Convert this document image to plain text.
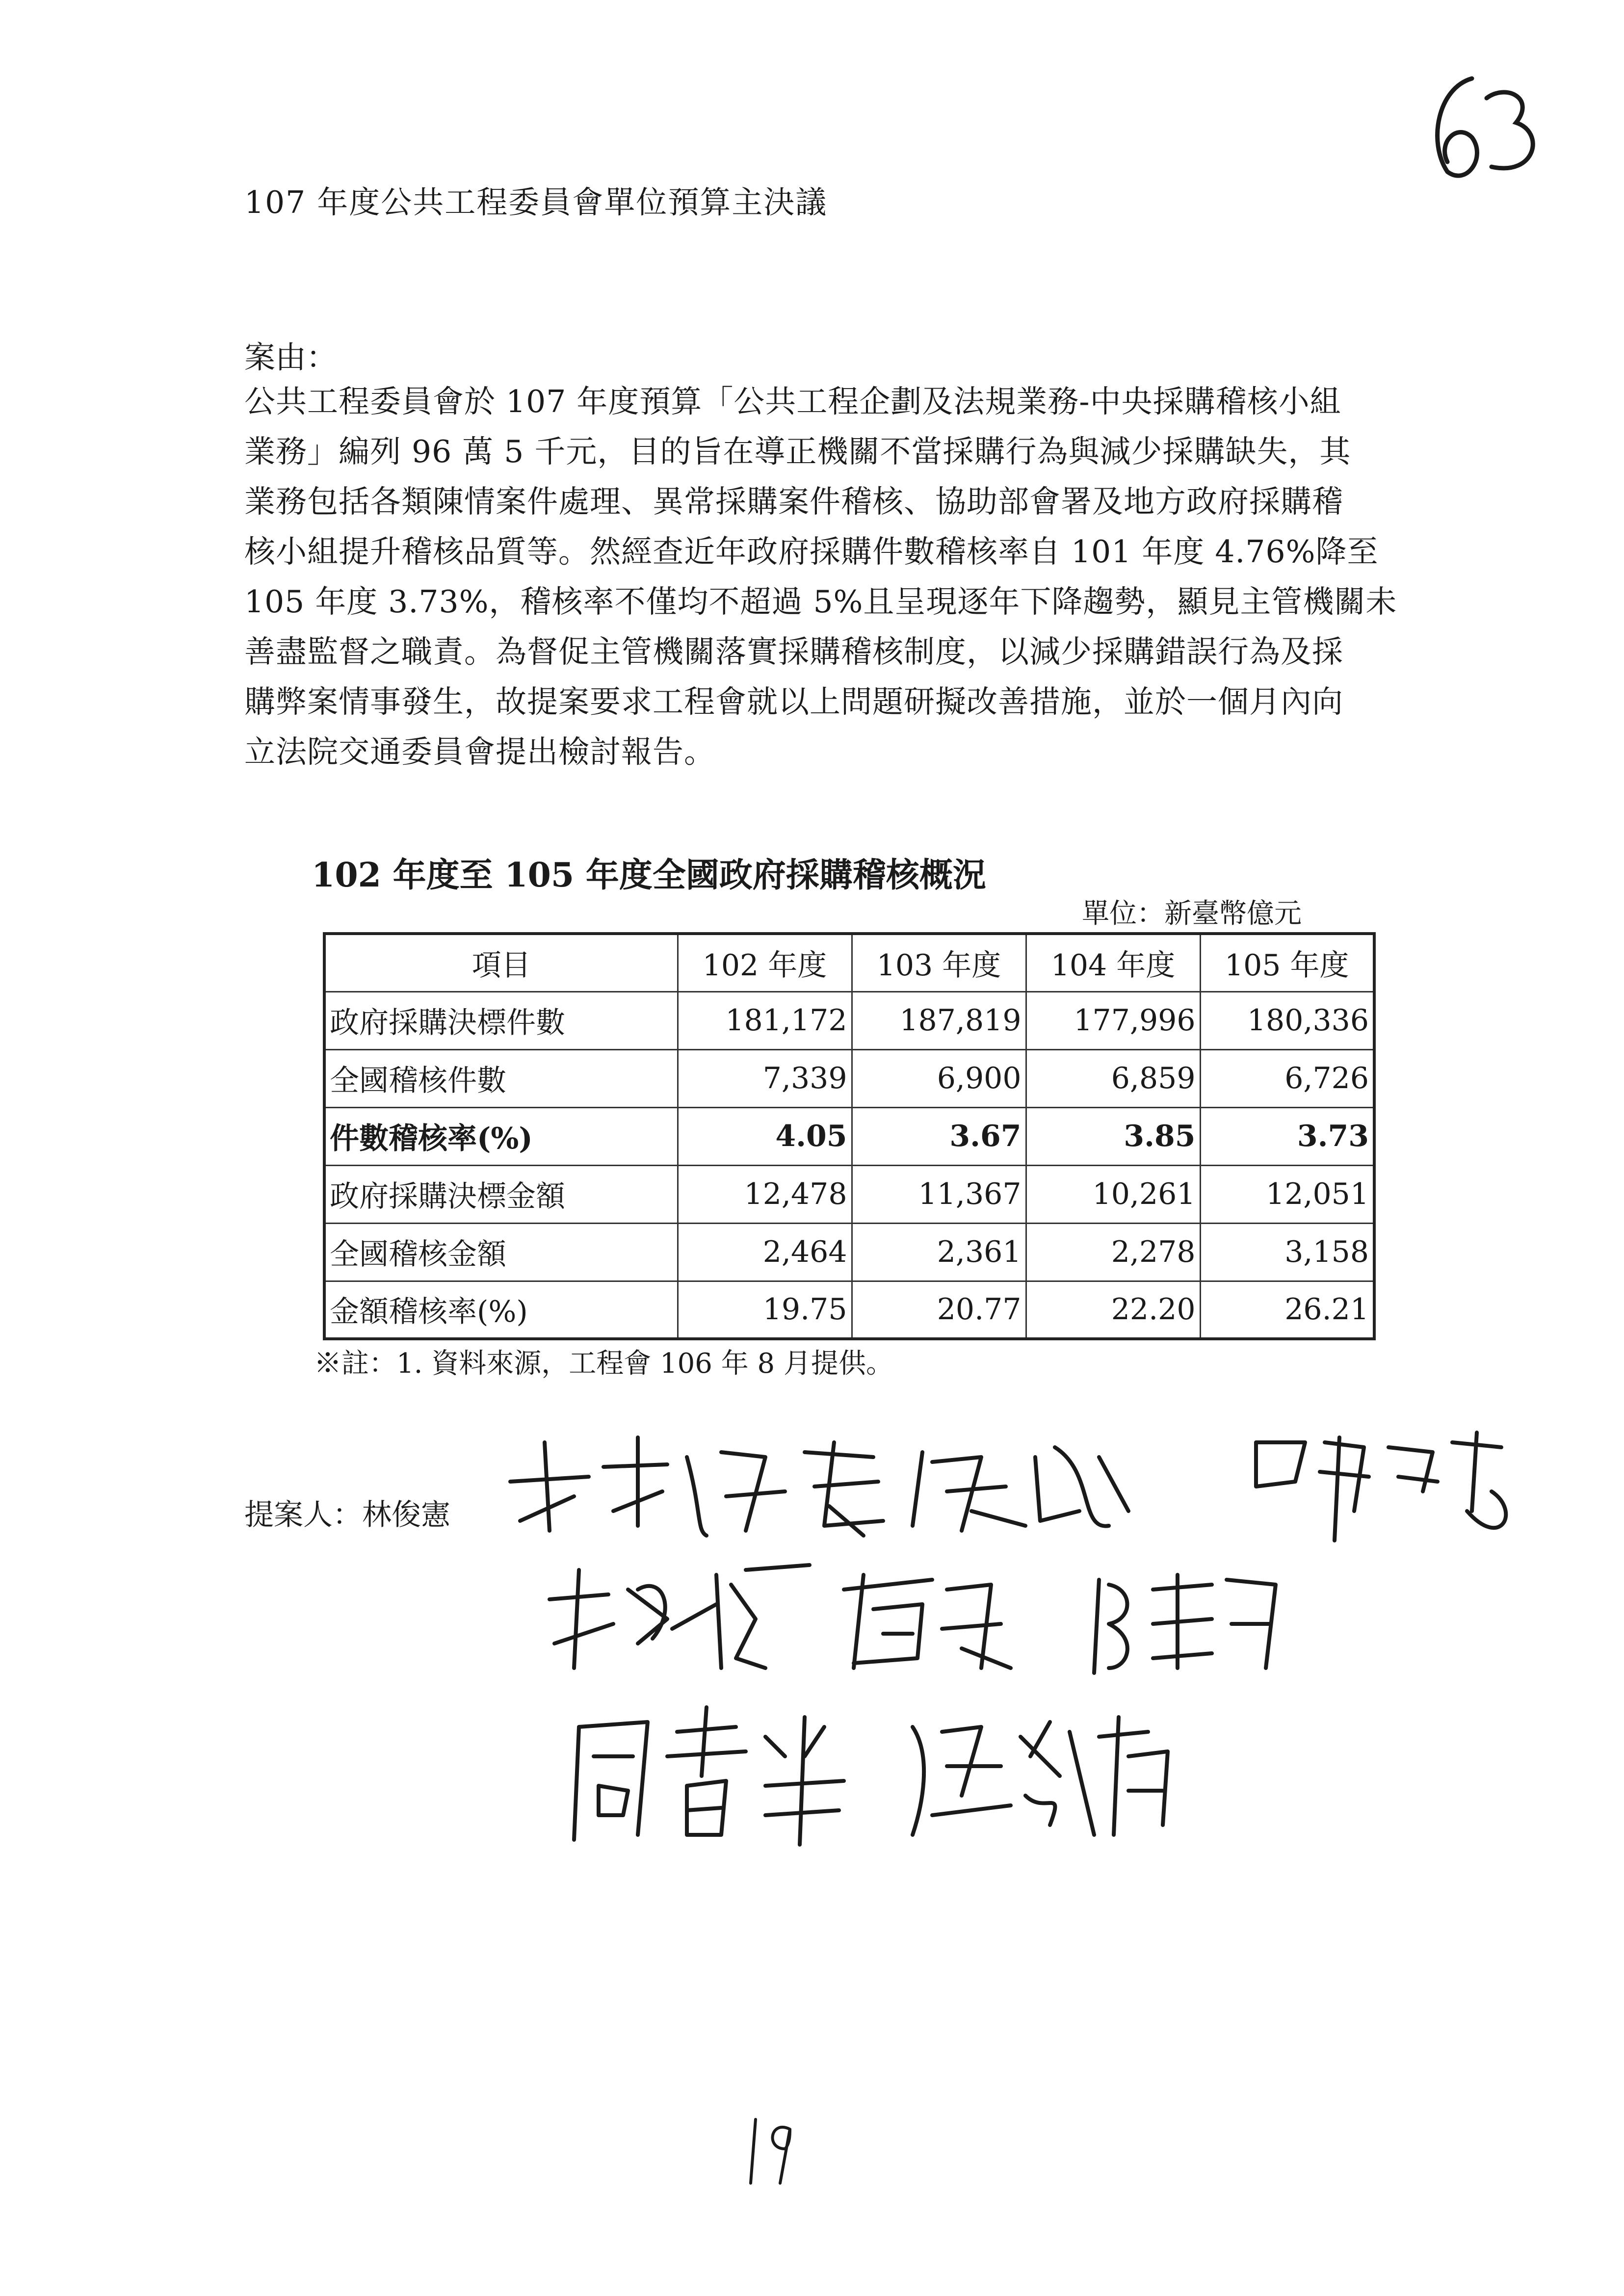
107 年度公共工程委員會單位預算主決議
案由：
公共工程委員會於 107 年度預算「公共工程企劃及法規業務-中央採購稽核小組
業務」編列 96 萬 5 千元，目的旨在導正機關不當採購行為與減少採購缺失，其
業務包括各類陳情案件處理、異常採購案件稽核、協助部會署及地方政府採購稽
核小組提升稽核品質等。然經查近年政府採購件數稽核率自 101 年度 4.76%降至
105 年度 3.73%，稽核率不僅均不超過 5%且呈現逐年下降趨勢，顯見主管機關未
善盡監督之職責。為督促主管機關落實採購稽核制度，以減少採購錯誤行為及採
購弊案情事發生，故提案要求工程會就以上問題研擬改善措施，並於一個月內向
立法院交通委員會提出檢討報告。
102 年度至 105 年度全國政府採購稽核概況
單位：新臺幣億元
項目	102 年度	103 年度	104 年度	105 年度
政府採購決標件數	181,172	187,819	177,996	180,336
全國稽核件數	7,339	6,900	6,859	6,726
件數稽核率(%)	4.05	3.67	3.85	3.73
政府採購決標金額	12,478	11,367	10,261	12,051
全國稽核金額	2,464	2,361	2,278	3,158
金額稽核率(%)	19.75	20.77	22.20	26.21
※註：1. 資料來源，工程會 106 年 8 月提供。
提案人：林俊憲
